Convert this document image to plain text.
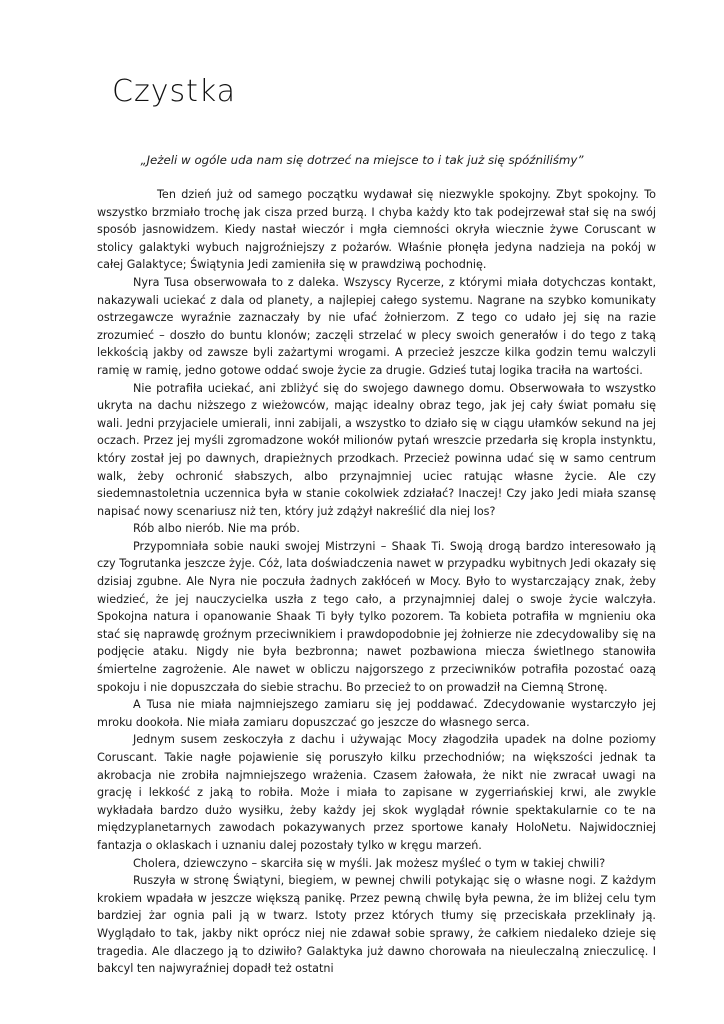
Czystka
„Jeżeli w ogóle uda nam się dotrzeć na miejsce to i tak już się spóźniliśmy”

Ten dzień już od samego początku wydawał się niezwykle spokojny. Zbyt spokojny. To wszystko brzmiało trochę jak cisza przed burzą. I chyba każdy kto tak podejrzewał stał się na swój sposób jasnowidzem. Kiedy nastał wieczór i mgła ciemności okryła wiecznie żywe Coruscant w stolicy galaktyki wybuch najgroźniejszy z pożarów. Właśnie płonęła jedyna nadzieja na pokój w całej Galaktyce; Świątynia Jedi zamieniła się w prawdziwą pochodnię.

Nyra Tusa obserwowała to z daleka. Wszyscy Rycerze, z którymi miała dotychczas kontakt, nakazywali uciekać z dala od planety, a najlepiej całego systemu. Nagrane na szybko komunikaty ostrzegawcze wyraźnie zaznaczały by nie ufać żołnierzom. Z tego co udało jej się na razie zrozumieć – doszło do buntu klonów; zaczęli strzelać w plecy swoich generałów i do tego z taką lekkością jakby od zawsze byli zażartymi wrogami. A przecież jeszcze kilka godzin temu walczyli ramię w ramię, jedno gotowe oddać swoje życie za drugie. Gdzieś tutaj logika traciła na wartości.

Nie potrafiła uciekać, ani zbliżyć się do swojego dawnego domu. Obserwowała to wszystko ukryta na dachu niższego z wieżowców, mając idealny obraz tego, jak jej cały świat pomału się wali. Jedni przyjaciele umierali, inni zabijali, a wszystko to działo się w ciągu ułamków sekund na jej oczach. Przez jej myśli zgromadzone wokół milionów pytań wreszcie przedarła się kropla instynktu, który został jej po dawnych, drapieżnych przodkach. Przecież powinna udać się w samo centrum walk, żeby ochronić słabszych, albo przynajmniej uciec ratując własne życie. Ale czy siedemnastoletnia uczennica była w stanie cokolwiek zdziałać? Inaczej! Czy jako Jedi miała szansę napisać nowy scenariusz niż ten, który już zdążył nakreślić dla niej los?

Rób albo nierób. Nie ma prób.

Przypomniała sobie nauki swojej Mistrzyni – Shaak Ti. Swoją drogą bardzo interesowało ją czy Togrutanka jeszcze żyje. Cóż, lata doświadczenia nawet w przypadku wybitnych Jedi okazały się dzisiaj zgubne. Ale Nyra nie poczuła żadnych zakłóceń w Mocy. Było to wystarczający znak, żeby wiedzieć, że jej nauczycielka uszła z tego cało, a przynajmniej dalej o swoje życie walczyła. Spokojna natura i opanowanie Shaak Ti były tylko pozorem. Ta kobieta potrafiła w mgnieniu oka stać się naprawdę groźnym przeciwnikiem i prawdopodobnie jej żołnierze nie zdecydowaliby się na podjęcie ataku. Nigdy nie była bezbronna; nawet pozbawiona miecza świetlnego stanowiła śmiertelne zagrożenie. Ale nawet w obliczu najgorszego z przeciwników potrafiła pozostać oazą spokoju i nie dopuszczała do siebie strachu. Bo przecież to on prowadził na Ciemną Stronę.

A Tusa nie miała najmniejszego zamiaru się jej poddawać. Zdecydowanie wystarczyło jej mroku dookoła. Nie miała zamiaru dopuszczać go jeszcze do własnego serca.

Jednym susem zeskoczyła z dachu i używając Mocy złagodziła upadek na dolne poziomy Coruscant. Takie nagłe pojawienie się poruszyło kilku przechodniów; na większości jednak ta akrobacja nie zrobiła najmniejszego wrażenia. Czasem żałowała, że nikt nie zwracał uwagi na grację i lekkość z jaką to robiła. Może i miała to zapisane w zygerriańskiej krwi, ale zwykle wykładała bardzo dużo wysiłku, żeby każdy jej skok wyglądał równie spektakularnie co te na międzyplanetarnych zawodach pokazywanych przez sportowe kanały HoloNetu. Najwidoczniej fantazja o oklaskach i uznaniu dalej pozostały tylko w kręgu marzeń.

Cholera, dziewczyno – skarciła się w myśli. Jak możesz myśleć o tym w takiej chwili?

Ruszyła w stronę Świątyni, biegiem, w pewnej chwili potykając się o własne nogi. Z każdym krokiem wpadała w jeszcze większą panikę. Przez pewną chwilę była pewna, że im bliżej celu tym bardziej żar ognia pali ją w twarz. Istoty przez których tłumy się przeciskała przeklinały ją. Wyglądało to tak, jakby nikt oprócz niej nie zdawał sobie sprawy, że całkiem niedaleko dzieje się tragedia. Ale dlaczego ją to dziwiło? Galaktyka już dawno chorowała na nieuleczalną znieczulicę. I bakcyl ten najwyraźniej dopadł też ostatni
